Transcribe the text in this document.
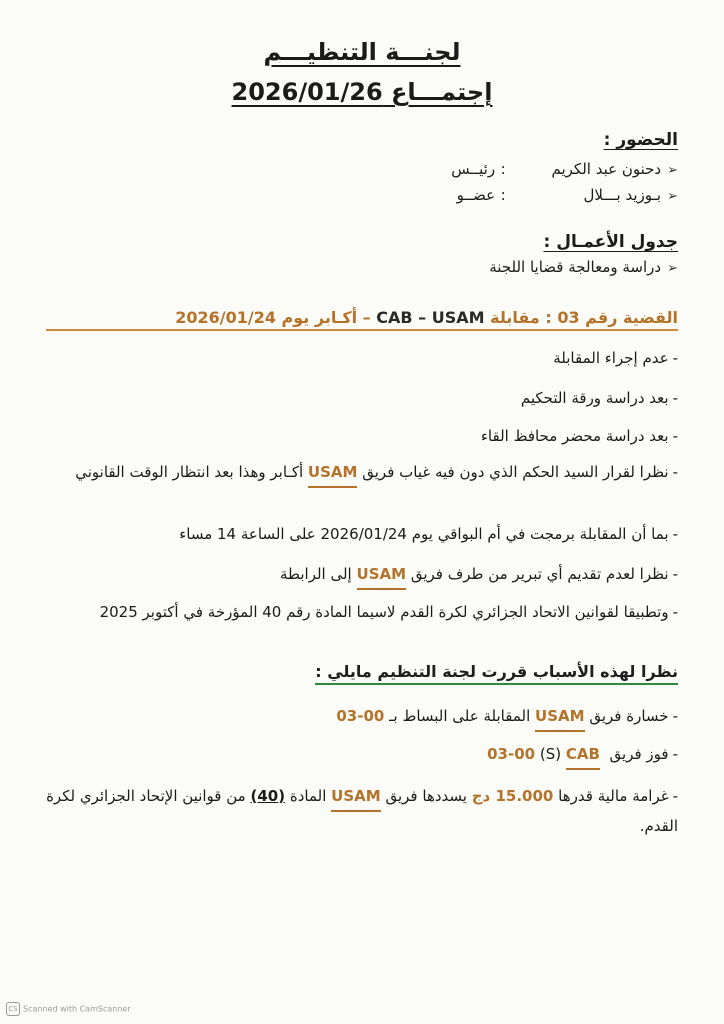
لجنـــة التنظيـــم
إجتمـــاع 2026/01/26
الحضور :
➢دحنون عبد الكريم:رئيــس
➢بـوزيد بـــلال:عضــو
جدول الأعمـال :
➢دراسة ومعالجة قضايا اللجنة
القضية رقم 03 : مقابلة CAB – USAM – أكـابر يوم 2026/01/24
-عدم إجراء المقابلة
-بعد دراسة ورقة التحكيم
-بعد دراسة محضر محافظ القاء
-نظرا لقرار السيد الحكم الذي دون فيه غياب فريق USAM أكـابر وهذا بعد انتظار الوقت القانوني
-بما أن المقابلة برمجت في أم البواقي يوم 2026/01/24 على الساعة 14 مساء
-نظرا لعدم تقديم أي تبرير من طرف فريق USAM إلى الرابطة
-وتطبيقا لقوانين الاتحاد الجزائري لكرة القدم لاسيما المادة رقم 40 المؤرخة في أكتوبر 2025
نظرا لهذه الأسباب قررت لجنة التنظيم مايلي :
-خسارة فريق USAM المقابلة على البساط بـ 03-00
-فوز فريق  CAB (S) 03-00
-غرامة مالية قدرها 15.000 دج يسددها فريق USAM المادة (40) من قوانين الإتحاد الجزائري لكرة القدم.
CS Scanned with CamScanner
